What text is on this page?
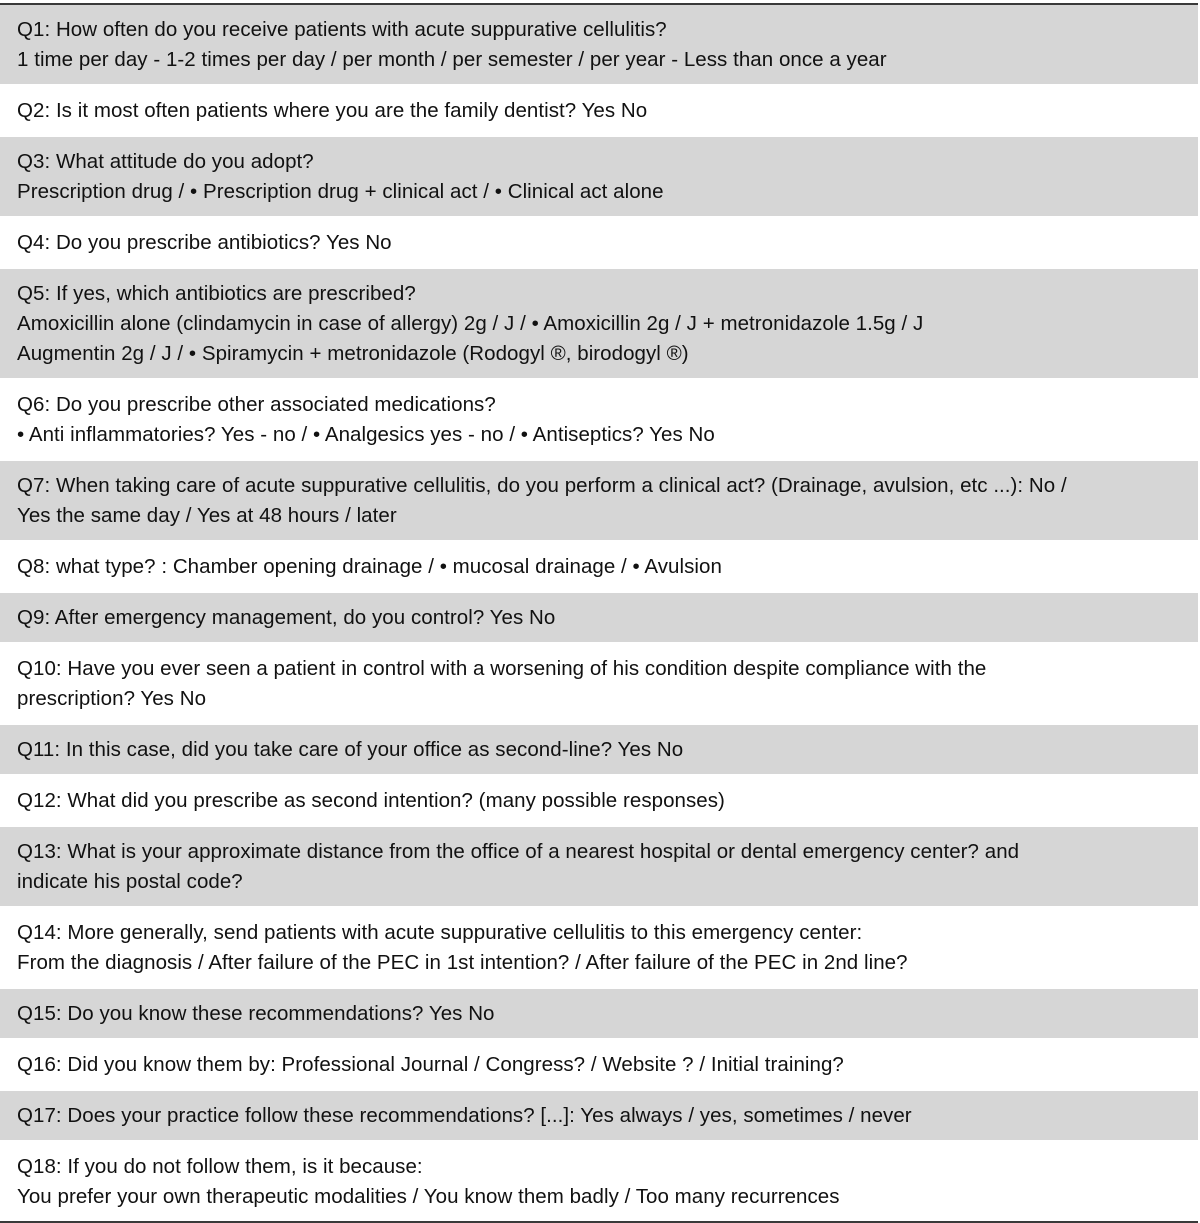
Q1: How often do you receive patients with acute suppurative cellulitis?
1 time per day - 1-2 times per day / per month / per semester / per year - Less than once a year
Q2: Is it most often patients where you are the family dentist? Yes No
Q3: What attitude do you adopt?
Prescription drug / • Prescription drug + clinical act / • Clinical act alone
Q4: Do you prescribe antibiotics? Yes No
Q5: If yes, which antibiotics are prescribed?
Amoxicillin alone (clindamycin in case of allergy) 2g / J / • Amoxicillin 2g / J + metronidazole 1.5g / J
Augmentin 2g / J / • Spiramycin + metronidazole (Rodogyl ®, birodogyl ®)
Q6: Do you prescribe other associated medications?
• Anti inflammatories? Yes - no / • Analgesics yes - no / • Antiseptics? Yes No
Q7: When taking care of acute suppurative cellulitis, do you perform a clinical act? (Drainage, avulsion, etc ...): No /
Yes the same day / Yes at 48 hours / later
Q8: what type? : Chamber opening drainage / • mucosal drainage / • Avulsion
Q9: After emergency management, do you control? Yes No
Q10: Have you ever seen a patient in control with a worsening of his condition despite compliance with the
prescription? Yes No
Q11: In this case, did you take care of your office as second-line? Yes No
Q12: What did you prescribe as second intention? (many possible responses)
Q13: What is your approximate distance from the office of a nearest hospital or dental emergency center? and
indicate his postal code?
Q14: More generally, send patients with acute suppurative cellulitis to this emergency center:
From the diagnosis / After failure of the PEC in 1st intention? / After failure of the PEC in 2nd line?
Q15: Do you know these recommendations? Yes No
Q16: Did you know them by: Professional Journal / Congress? / Website ? / Initial training?
Q17: Does your practice follow these recommendations? [...]: Yes always / yes, sometimes / never
Q18: If you do not follow them, is it because:
You prefer your own therapeutic modalities / You know them badly / Too many recurrences
